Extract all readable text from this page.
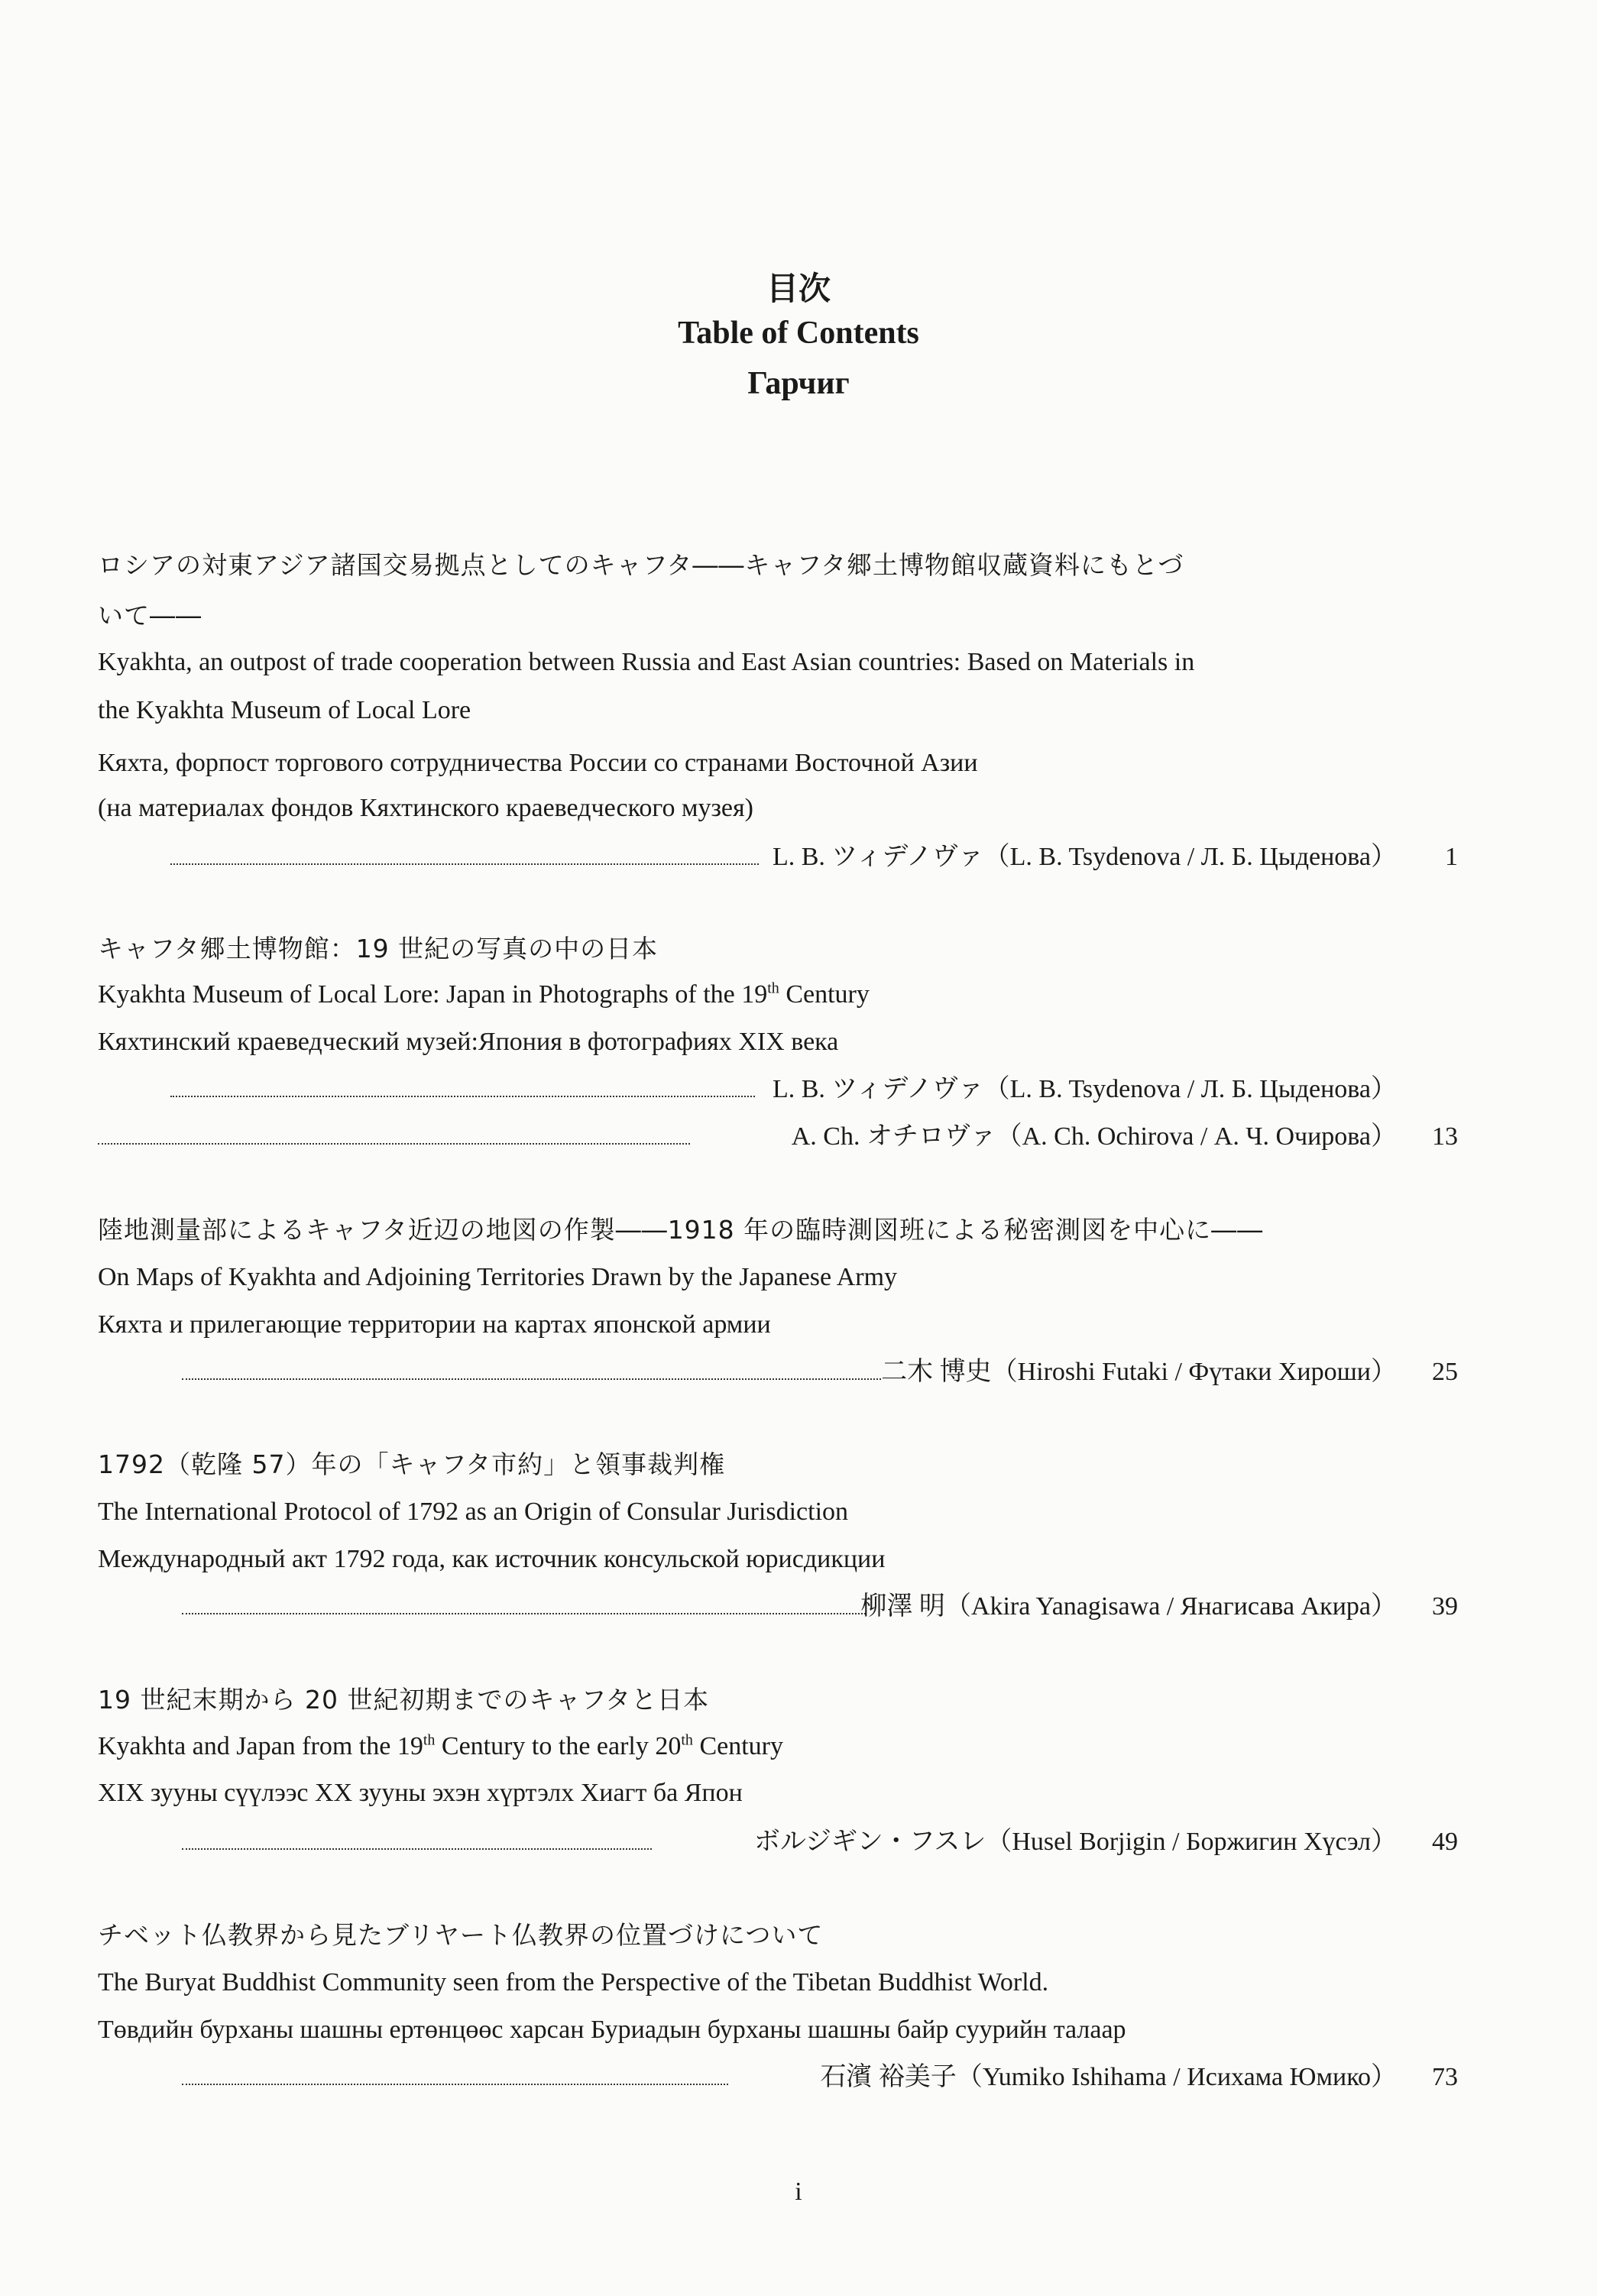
目次
Table of Contents
Гарчиг
ロシアの対東アジア諸国交易拠点としてのキャフタ――キャフタ郷土博物館収蔵資料にもとづ
いて――
Kyakhta, an outpost of trade cooperation between Russia and East Asian countries: Based on Materials in
the Kyakhta Museum of Local Lore
Кяхта, форпост торгового сотрудничества России со странами Восточной Азии
(на материалах фондов Кяхтинского краеведческого музея)
L. B. ツィデノヴァ（L. B. Tsydenova / Л. Б. Цыденова）	1
キャフタ郷土博物館：19 世紀の写真の中の日本
Kyakhta Museum of Local Lore: Japan in Photographs of the 19th Century
Кяхтинский краеведческий музей:Япония в фотографиях XIX века
L. B. ツィデノヴァ（L. B. Tsydenova / Л. Б. Цыденова）
A. Ch. オチロヴァ（A. Ch. Ochirova / А. Ч. Очирова）	13
陸地測量部によるキャフタ近辺の地図の作製――1918 年の臨時測図班による秘密測図を中心に――
On Maps of Kyakhta and Adjoining Territories Drawn by the Japanese Army
Кяхта и прилегающие территории на картах японской армии
二木 博史（Hiroshi Futaki / Фүтаки Хироши）	25
1792（乾隆 57）年の「キャフタ市約」と領事裁判権
The International Protocol of 1792 as an Origin of Consular Jurisdiction
Международный акт 1792 года, как источник консульской юрисдикции
柳澤 明（Akira Yanagisawa / Янагисава Акира）	39
19 世紀末期から 20 世紀初期までのキャフタと日本
Kyakhta and Japan from the 19th Century to the early 20th Century
XIX зууны сүүлээс XX зууны эхэн хүртэлх Хиагт ба Япон
ボルジギン・フスレ（Husel Borjigin / Боржигин Хүсэл）	49
チベット仏教界から見たブリヤート仏教界の位置づけについて
The Buryat Buddhist Community seen from the Perspective of the Tibetan Buddhist World.
Төвдийн бурханы шашны ертөнцөөс харсан Буриадын бурханы шашны байр суурийн талаар
石濱 裕美子（Yumiko Ishihama / Исихама Юмико）	73
i
